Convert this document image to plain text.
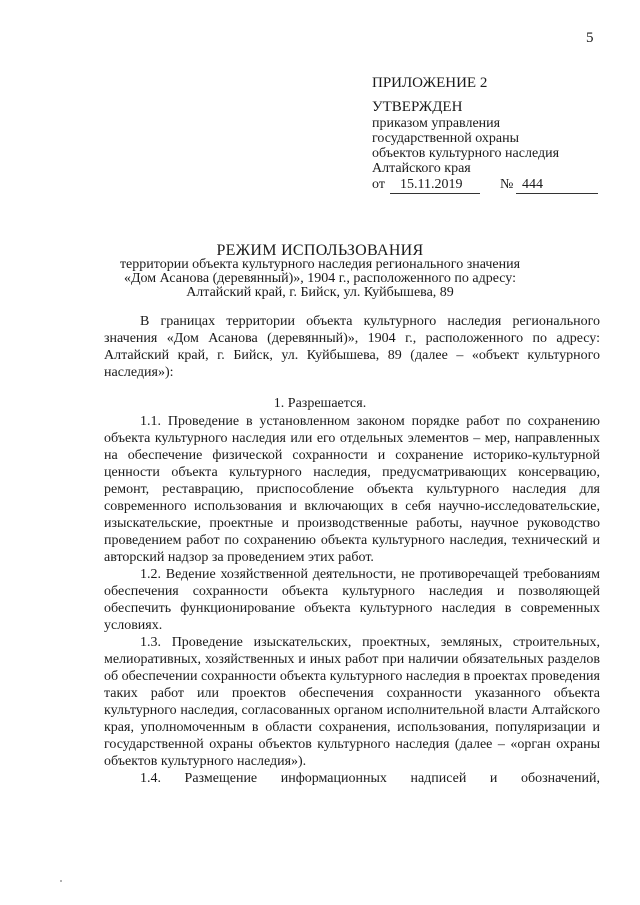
5
ПРИЛОЖЕНИЕ 2
УТВЕРЖДЕН
приказом управления
государственной охраны
объектов культурного наследия
Алтайского края
от 15.11.2019	№ 444
РЕЖИМ ИСПОЛЬЗОВАНИЯ
территории объекта культурного наследия регионального значения
«Дом Асанова (деревянный)», 1904 г., расположенного по адресу:
Алтайский край, г. Бийск, ул. Куйбышева, 89

В границах территории объекта культурного наследия регионального значения «Дом Асанова (деревянный)», 1904 г., расположенного по адресу: Алтайский край, г. Бийск, ул. Куйбышева, 89 (далее – «объект культурного наследия»):

1. Разрешается.

1.1. Проведение в установленном законом порядке работ по сохранению объекта культурного наследия или его отдельных элементов – мер, направленных на обеспечение физической сохранности и сохранение историко-культурной ценности объекта культурного наследия, предусматривающих консервацию, ремонт, реставрацию, приспособление объекта культурного наследия для современного использования и включающих в себя научно-исследовательские, изыскательские, проектные и производственные работы, научное руководство проведением работ по сохранению объекта культурного наследия, технический и авторский надзор за проведением этих работ.

1.2. Ведение хозяйственной деятельности, не противоречащей требованиям обеспечения сохранности объекта культурного наследия и позволяющей обеспечить функционирование объекта культурного наследия в современных условиях.

1.3. Проведение изыскательских, проектных, земляных, строительных, мелиоративных, хозяйственных и иных работ при наличии обязательных разделов об обеспечении сохранности объекта культурного наследия в проектах проведения таких работ или проектов обеспечения сохранности указанного объекта культурного наследия, согласованных органом исполнительной власти Алтайского края, уполномоченным в области сохранения, использования, популяризации и государственной охраны объектов культурного наследия (далее – «орган охраны объектов культурного наследия»).

1.4. Размещение информационных надписей и обозначений,
